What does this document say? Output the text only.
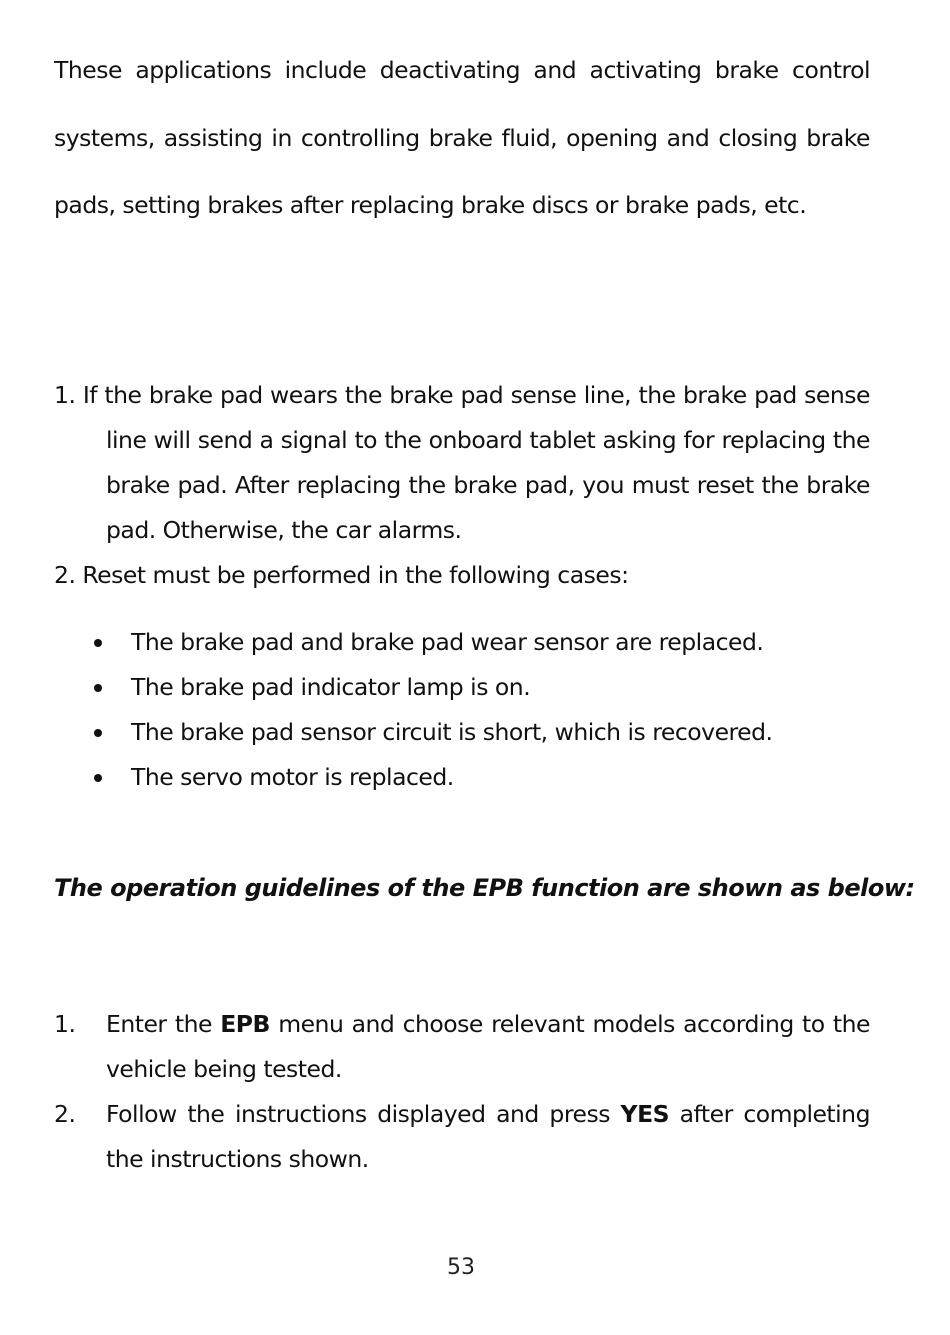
These applications include deactivating and activating brake control systems, assisting in controlling brake fluid, opening and closing brake pads, setting brakes after replacing brake discs or brake pads, etc.

1. If the brake pad wears the brake pad sense line, the brake pad sense line will send a signal to the onboard tablet asking for replacing the brake pad. After replacing the brake pad, you must reset the brake pad. Otherwise, the car alarms.
2. Reset must be performed in the following cases:
The brake pad and brake pad wear sensor are replaced.
The brake pad indicator lamp is on.
The brake pad sensor circuit is short, which is recovered.
The servo motor is replaced.

The operation guidelines of the EPB function are shown as below:

1. Enter the EPB menu and choose relevant models according to the vehicle being tested.
2. Follow the instructions displayed and press YES after completing the instructions shown.
53
